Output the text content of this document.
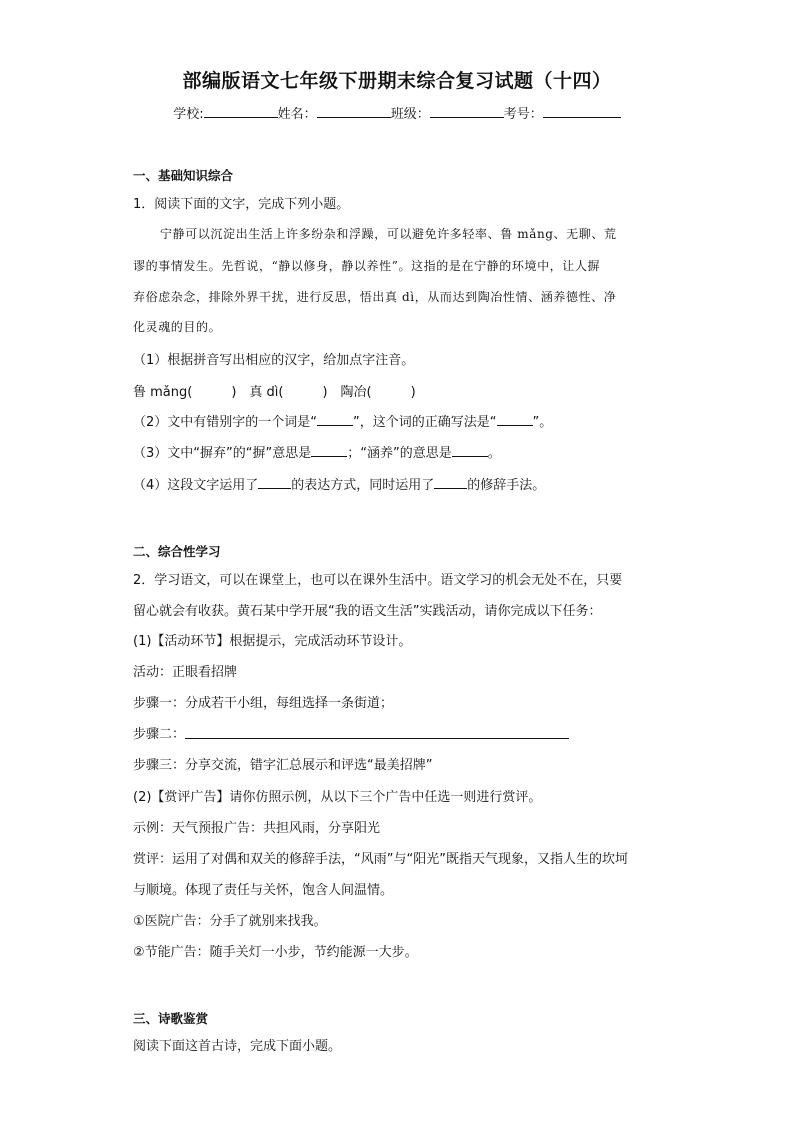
部编版语文七年级下册期末综合复习试题（十四）
学校:	姓名：	班级：	考号：
一、基础知识综合
1．阅读下面的文字，完成下列小题。
宁静可以沉淀出生活上许多纷杂和浮躁，可以避免许多轻率、鲁 mǎng、无聊、荒
谬的事情发生。先哲说，“静以修身，静以养性”。这指的是在宁静的环境中，让人摒
弃俗虑杂念，排除外界干扰，进行反思，悟出真 dì，从而达到陶冶性情、涵养德性、净
化灵魂的目的。
（1）根据拼音写出相应的汉字，给加点字注音。
鲁 mǎng(　　　)　真 dì(　　　)　陶冶(　　　)
（2）文中有错别字的一个词是“	”，这个词的正确写法是“	”。
（3）文中“摒弃”的“摒”意思是	；“涵养”的意思是	。
（4）这段文字运用了	的表达方式，同时运用了	的修辞手法。
二、综合性学习
2．学习语文，可以在课堂上，也可以在课外生活中。语文学习的机会无处不在，只要
留心就会有收获。黄石某中学开展“我的语文生活”实践活动，请你完成以下任务：
(1)【活动环节】根据提示，完成活动环节设计。
活动：正眼看招牌
步骤一：分成若干小组，每组选择一条街道；
步骤二：
步骤三：分享交流，错字汇总展示和评选“最美招牌”
(2)【赏评广告】请你仿照示例，从以下三个广告中任选一则进行赏评。
示例：天气预报广告：共担风雨，分享阳光
赏评：运用了对偶和双关的修辞手法，“风雨”与“阳光”既指天气现象，又指人生的坎坷
与顺境。体现了责任与关怀，饱含人间温情。
①医院广告：分手了就别来找我。
②节能广告：随手关灯一小步，节约能源一大步。
三、诗歌鉴赏
阅读下面这首古诗，完成下面小题。
